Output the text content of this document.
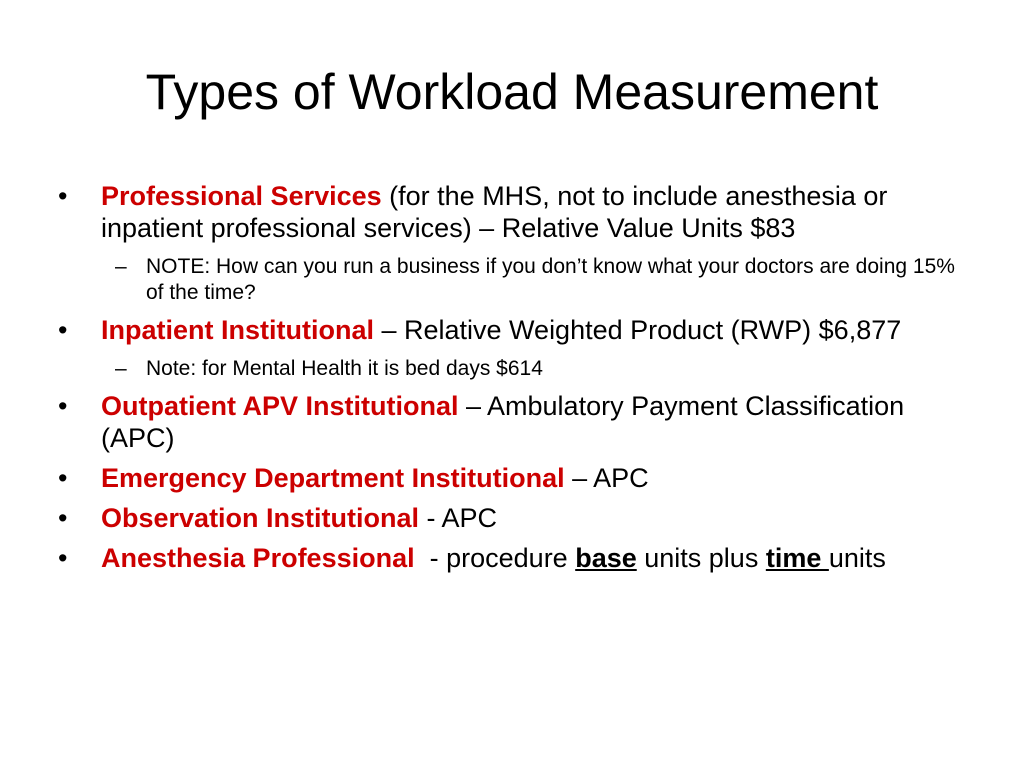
Types of Workload Measurement
•	Professional Services (for the MHS, not to include anesthesia or inpatient professional services) – Relative Value Units $83
– NOTE: How can you run a business if you don’t know what your doctors are doing 15% of the time?
•	Inpatient Institutional – Relative Weighted Product (RWP) $6,877
– Note: for Mental Health it is bed days $614
•	Outpatient APV Institutional – Ambulatory Payment Classification (APC)
•	Emergency Department Institutional – APC
•	Observation Institutional - APC
•	Anesthesia Professional  - procedure base units plus time units
